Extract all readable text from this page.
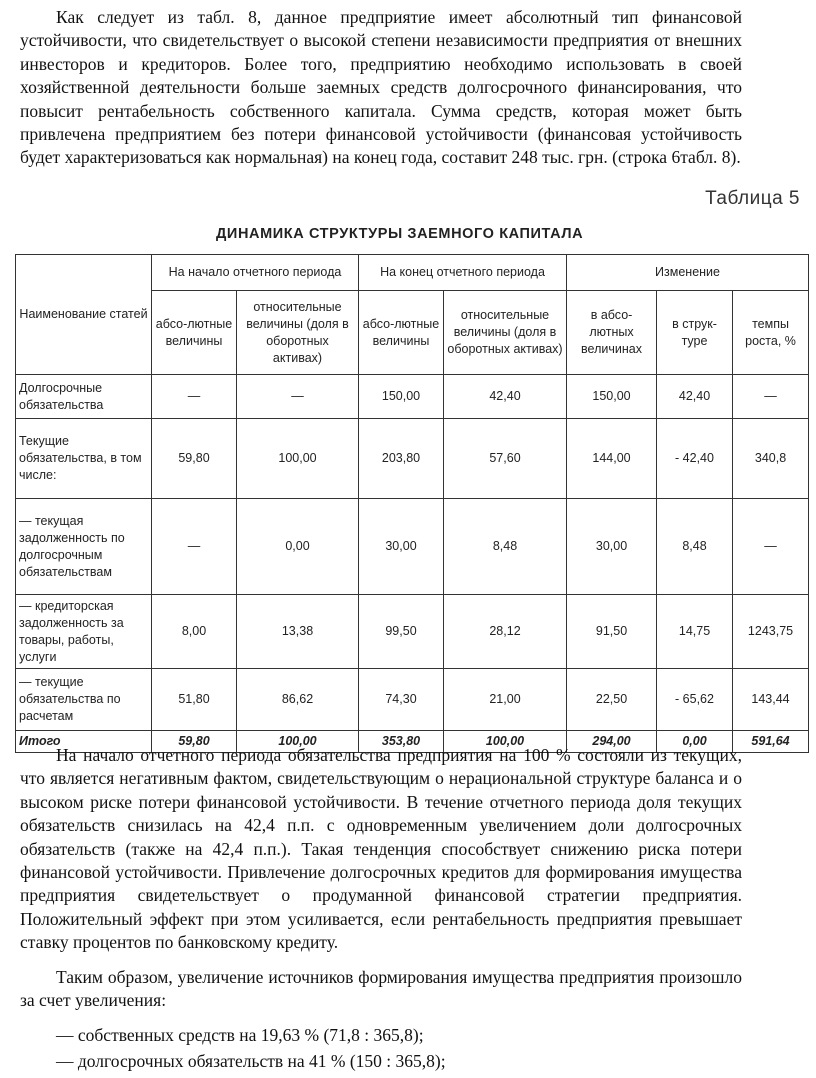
Как следует из табл. 8, данное предприятие имеет абсолютный тип финансовой устойчивости, что свидетельствует о высокой степени независимости предприятия от внешних инвесторов и кредиторов. Более того, предприятию необходимо использовать в своей хозяйственной деятельности больше заемных средств долгосрочного финансирования, что повысит рентабельность собственного капитала. Сумма средств, которая может быть привлечена предприятием без потери финансовой устойчивости (финансовая устойчивость будет характеризоваться как нормальная) на конец года, составит 248 тыс. грн. (строка 6табл. 8).

Таблица 5
ДИНАМИКА СТРУКТУРЫ ЗАЕМНОГО КАПИТАЛА
Наименование статей	На начало отчетного периода		На конец отчетного периода		Изменение		
	абсо-лютные величины	относительные величины (доля в оборотных активах)	абсо-лютные величины	относительные величины (доля в оборотных активах)	в абсо-лютных величинах	в струк-туре	темпы роста, %
Долгосрочные обязательства	—	—	150,00	42,40	150,00	42,40	—
Текущие обязательства, в том числе:	59,80	100,00	203,80	57,60	144,00	- 42,40	340,8
— текущая задолженность по долгосрочным обязательствам	—	0,00	30,00	8,48	30,00	8,48	—
— кредиторская задолженность за товары, работы, услуги	8,00	13,38	99,50	28,12	91,50	14,75	1243,75
— текущие обязательства по расчетам	51,80	86,62	74,30	21,00	22,50	- 65,62	143,44
Итого	59,80	100,00	353,80	100,00	294,00	0,00	591,64

На начало отчетного периода обязательства предприятия на 100 % состояли из текущих, что является негативным фактом, свидетельствующим о нерациональной структуре баланса и о высоком риске потери финансовой устойчивости. В течение отчетного периода доля текущих обязательств снизилась на 42,4 п.п. с одновременным увеличением доли долгосрочных обязательств (также на 42,4 п.п.). Такая тенденция способствует снижению риска потери финансовой устойчивости. Привлечение долгосрочных кредитов для формирования имущества предприятия свидетельствует о продуманной финансовой стратегии предприятия. Положительный эффект при этом усиливается, если рентабельность предприятия превышает ставку процентов по банковскому кредиту.

Таким образом, увеличение источников формирования имущества предприятия произошло за счет увеличения:

— собственных средств на 19,63 % (71,8 : 365,8);
— долгосрочных обязательств на 41 % (150 : 365,8);
